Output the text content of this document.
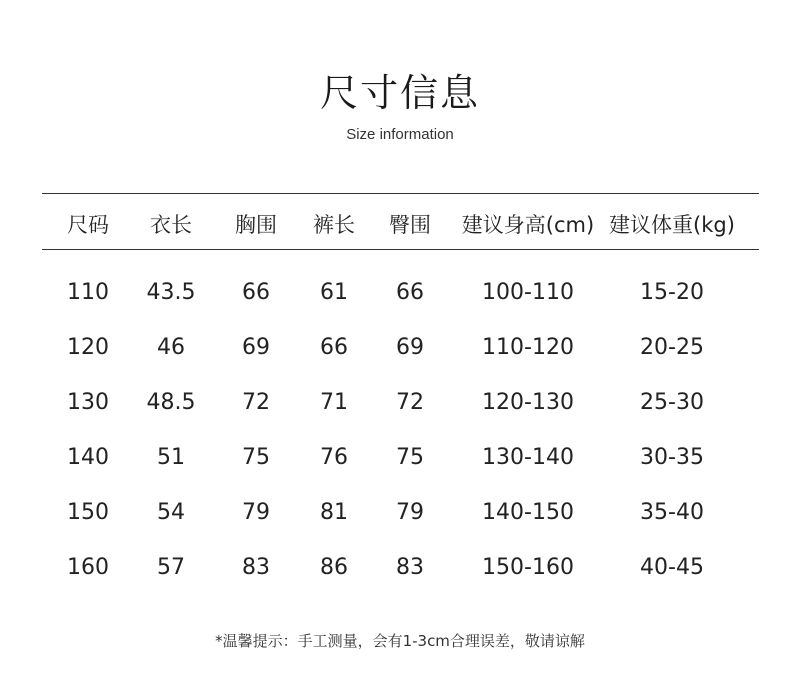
尺寸信息
Size information
尺码 衣长 胸围 裤长 臀围 建议身高(cm) 建议体重(kg)
110 43.5 66 61 66	100-110	15-20
120 46	69 66 69	110-120	20-25
130 48.5 72 71 72	120-130	25-30
140 51	75 76 75	130-140	30-35
150 54	79 81 79	140-150	35-40
160 57	83 86 83	150-160	40-45
*温馨提示：手工测量，会有1-3cm合理误差，敬请谅解
